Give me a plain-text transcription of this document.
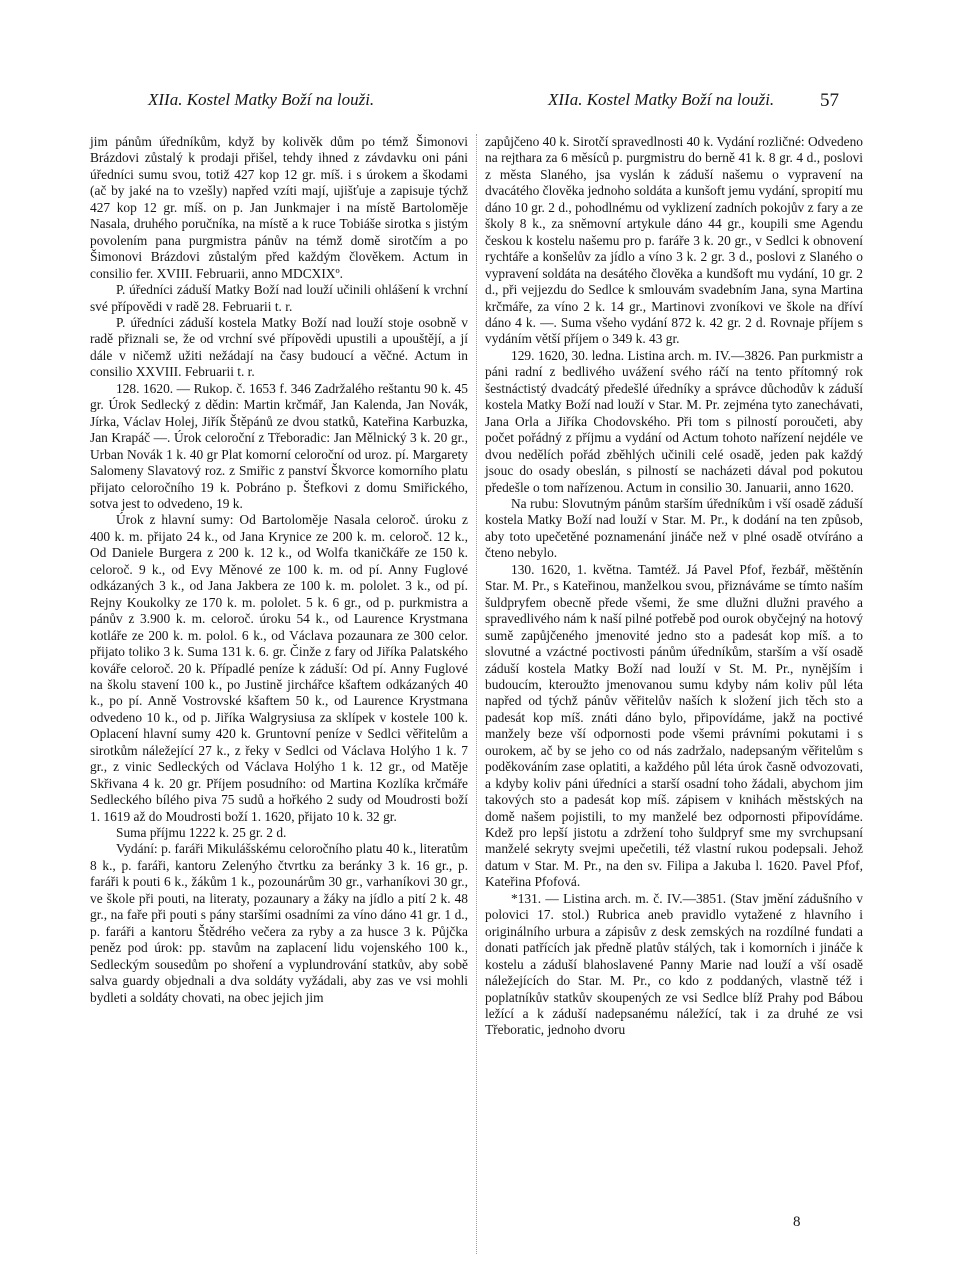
XIIa. Kostel Matky Boží na louži.	XIIa. Kostel Matky Boží na louži. 57

jim pánům úředníkům, když by kolivěk dům po témž Šimonovi Brázdovi zůstalý k prodaji přišel, tehdy ihned z závdavku oni páni úředníci sumu svou, totiž 427 kop 12 gr. míš. i s úrokem a škodami (ač by jaké na to vzešly) napřed vzíti mají, ujišťuje a zapisuje týchž 427 kop 12 gr. míš. on p. Jan Junkmajer i na místě Bartoloměje Nasala, druhého poručníka, na místě a k ruce Tobiáše sirotka s jistým povolením pana purgmistra pánův na témž domě sirotčím a po Šimonovi Brázdovi zůstalým před každým člověkem. Actum in consilio fer. XVIII. Februarii, anno MDCXIXº.

P. úředníci záduší Matky Boží nad louží učinili ohlášení k vrchní své přípovědi v radě 28. Februarii t. r.

P. úředníci záduší kostela Matky Boží nad louží stoje osobně v radě přiznali se, že od vrchní své přípovědi upustili a upouštějí, a jí dále v ničemž užiti nežádají na časy budoucí a věčné. Actum in consilio XXVIII. Februarii t. r.

128. 1620. — Rukop. č. 1653 f. 346 Zadržalého reštantu 90 k. 45 gr. Úrok Sedlecký z dědin: Martin krčmář, Jan Kalenda, Jan Novák, Jírka, Václav Holej, Jiřík Štěpánů ze dvou statků, Kateřina Karbuzka, Jan Krapáč —. Úrok celoroční z Třeboradic: Jan Mělnický 3 k. 20 gr., Urban Novák 1 k. 40 gr Plat komorní celoroční od uroz. pí. Margarety Salomeny Slavatový roz. z Smiřic z panství Škvorce komorního platu přijato celoročního 19 k. Pobráno p. Štefkovi z domu Smiřického, sotva jest to odvedeno, 19 k.

Úrok z hlavní sumy: Od Bartoloměje Nasala celoroč. úroku z 400 k. m. přijato 24 k., od Jana Krynice ze 200 k. m. celoroč. 12 k., Od Daniele Burgera z 200 k. 12 k., od Wolfa tkaničkáře ze 150 k. celoroč. 9 k., od Evy Měnové ze 100 k. m. od pí. Anny Fuglové odkázaných 3 k., od Jana Jakbera ze 100 k. m. pololet. 3 k., od pí. Rejny Koukolky ze 170 k. m. pololet. 5 k. 6 gr., od p. purkmistra a pánův z 3.900 k. m. celoroč. úroku 54 k., od Laurence Krystmana kotláře ze 200 k. m. polol. 6 k., od Václava pozaunara ze 300 celor. přijato toliko 3 k. Suma 131 k. 6. gr. Činže z fary od Jiříka Palatského kováře celoroč. 20 k. Případlé peníze k záduší: Od pí. Anny Fuglové na školu stavení 100 k., po Justině jirchářce kšaftem odkázaných 40 k., po pí. Anně Vostrovské kšaftem 50 k., od Laurence Krystmana odvedeno 10 k., od p. Jiříka Walgrysiusa za sklípek v kostele 100 k. Oplacení hlavní sumy 420 k. Gruntovní peníze v Sedlci věřitelům a sirotkům náležející 27 k., z řeky v Sedlci od Václava Holýho 1 k. 7 gr., z vinic Sedleckých od Václava Holýho 1 k. 12 gr., od Matěje Skřivana 4 k. 20 gr. Příjem posudního: od Martina Kozlíka krčmáře Sedleckého bílého piva 75 sudů a hořkého 2 sudy od Moudrosti boží 1. 1619 až do Moudrosti boží 1. 1620, přijato 10 k. 32 gr.

Suma příjmu 1222 k. 25 gr. 2 d.

Vydání: p. faráři Mikulášskému celoročního platu 40 k., literatům 8 k., p. faráři, kantoru Zelenýho čtvrtku za beránky 3 k. 16 gr., p. faráři k pouti 6 k., žákům 1 k., pozounárům 30 gr., varhaníkovi 30 gr., ve škole při pouti, na literaty, pozaunary a žáky na jídlo a pití 2 k. 48 gr., na faře při pouti s pány staršími osadními za víno dáno 41 gr. 1 d., p. faráři a kantoru Štědrého večera za ryby a za husce 3 k. Půjčka peněz pod úrok: pp. stavům na zaplacení lidu vojenského 100 k., Sedleckým sousedům po shoření a vyplundrování statkův, aby sobě salva guardy objednali a dva soldáty vyžádali, aby zas ve vsi mohli bydleti a soldáty chovati, na obec jejich jim

zapůjčeno 40 k. Sirotčí spravedlnosti 40 k. Vydání rozličné: Odvedeno na rejthara za 6 měsíců p. purgmistru do berně 41 k. 8 gr. 4 d., poslovi z města Slaného, jsa vyslán k záduší našemu o vypravení na dvacátého člověka jednoho soldáta a kunšoft jemu vydání, spropití mu dáno 10 gr. 2 d., pohodlnému od vyklizení zadních pokojův z fary a ze školy 8 k., za sněmovní artykule dáno 44 gr., koupili sme Agendu českou k kostelu našemu pro p. faráře 3 k. 20 gr., v Sedlci k obnovení rychtáře a konšelův za jídlo a víno 3 k. 2 gr. 3 d., poslovi z Slaného o vypravení soldáta na desátého člověka a kundšoft mu vydání, 10 gr. 2 d., při vejjezdu do Sedlce k smlouvám svadebním Jana, syna Martina krčmáře, za víno 2 k. 14 gr., Martinovi zvoníkovi ve škole na dříví dáno 4 k. —. Suma všeho vydání 872 k. 42 gr. 2 d. Rovnaje příjem s vydáním větší příjem o 349 k. 43 gr.

129. 1620, 30. ledna. Listina arch. m. IV.—3826. Pan purkmistr a páni radní z bedlivého uvážení svého ráčí na tento přítomný rok šestnáctistý dvadcátý předešlé úředníky a správce důchodův k záduší kostela Matky Boží nad louží v Star. M. Pr. zejména tyto zanechávati, Jana Orla a Jiříka Chodovského. Při tom s pilností poroučeti, aby počet pořádný z příjmu a vydání od Actum tohoto nařízení nejdéle ve dvou nedělích pořád zběhlých učinili celé osadě, jeden pak každý jsouc do osady obeslán, s pilností se nacházeti dával pod pokutou předešle o tom nařízenou. Actum in consilio 30. Januarii, anno 1620.

Na rubu: Slovutným pánům starším úředníkům i vší osadě záduší kostela Matky Boží nad louží v Star. M. Pr., k dodání na ten způsob, aby toto upečetěné poznamenání jináče než v plné osadě otvíráno a čteno nebylo.

130. 1620, 1. května. Tamtéž. Já Pavel Pfof, řezbář, měštěnín Star. M. Pr., s Kateřinou, manželkou svou, přiznáváme se tímto naším šuldpryfem obecně přede všemi, že sme dlužni dlužni pravého a spravedlivého nám k naší pilné potřebě pod ourok obyčejný na hotový sumě zapůjčeného jmenovité jedno sto a padesát kop míš. a to slovutné a vzáctné poctivosti pánům úředníkům, starším a vší osadě záduší kostela Matky Boží nad louží v St. M. Pr., nynějším i budoucím, kteroužto jmenovanou sumu kdyby nám koliv půl léta napřed od týchž pánův věřitelův naších k složení jich těch sto a padesát kop míš. znáti dáno bylo, připovídáme, jakž na poctivé manžely beze vší odpornosti pode všemi právními pokutami i s ourokem, ač by se jeho co od nás zadržalo, nadepsaným věřitelům s poděkováním zase oplatiti, a každého půl léta úrok časně odvozovati, a kdyby koliv páni úředníci a starší osadní toho žádali, abychom jim takových sto a padesát kop míš. zápisem v knihách městských na domě našem pojistili, to my manželé bez odpornosti připovídáme. Kdež pro lepší jistotu a zdržení toho šuldpryf sme my svrchupsaní manželé sekryty svejmi upečetili, též vlastní rukou podepsali. Jehož datum v Star. M. Pr., na den sv. Filipa a Jakuba l. 1620. Pavel Pfof, Kateřina Pfofová.

*131. — Listina arch. m. č. IV.—3851. (Stav jmění zádušního v polovici 17. stol.) Rubrica aneb pravidlo vytažené z hlavního i originálního urbura a zápisův z desk zemských na rozdílné fundati a donati patřících jak předně platův stálých, tak i komorních i jináče k kostelu a záduší blahoslavené Panny Marie nad louží a vší osadě náležejících do Star. M. Pr., co kdo z poddaných, vlastně též i poplatníkův statkův skoupených ze vsi Sedlce blíž Prahy pod Bábou ležící a k záduší nadepsanému náležící, tak i za druhé ze vsi Třeboratic, jednoho dvoru

8
